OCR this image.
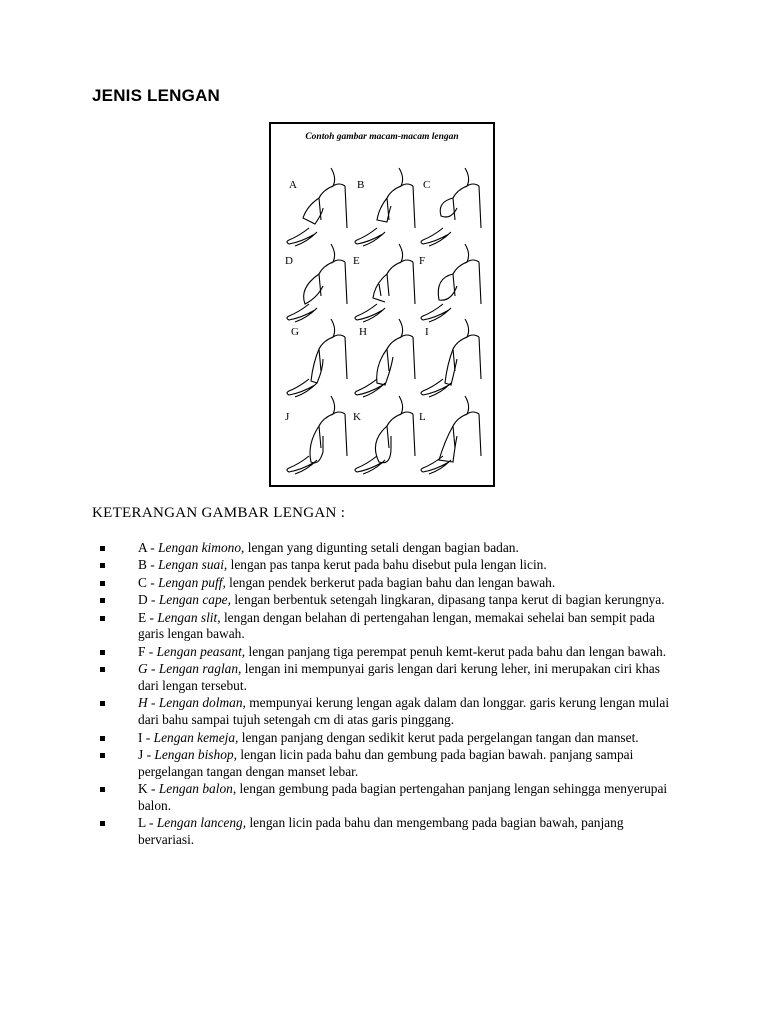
JENIS LENGAN
Contoh gambar macam-macam lengan
A	B	C
D	E	F
G	H	I
J	K	L
KETERANGAN GAMBAR LENGAN :
A - Lengan kimono, lengan yang digunting setali dengan bagian badan.
B - Lengan suai, lengan pas tanpa kerut pada bahu disebut pula lengan licin.
C - Lengan puff, lengan pendek berkerut pada bagian bahu dan lengan bawah.
D - Lengan cape, lengan berbentuk setengah lingkaran, dipasang tanpa kerut di bagian kerungnya.
E - Lengan slit, lengan dengan belahan di pertengahan lengan, memakai sehelai ban sempit pada garis lengan bawah.
F - Lengan peasant, lengan panjang tiga perempat penuh kemt-kerut pada bahu dan lengan bawah.
G - Lengan raglan, lengan ini mempunyai garis lengan dari kerung leher, ini merupakan ciri khas dari lengan tersebut.
H - Lengan dolman, mempunyai kerung lengan agak dalam dan longgar. garis kerung lengan mulai dari bahu sampai tujuh setengah cm di atas garis pinggang.
I - Lengan kemeja, lengan panjang dengan sedikit kerut pada pergelangan tangan dan manset.
J - Lengan bishop, lengan licin pada bahu dan gembung pada bagian bawah. panjang sampai pergelangan tangan dengan manset lebar.
K - Lengan balon, lengan gembung pada bagian pertengahan panjang lengan sehingga menyerupai balon.
L - Lengan lanceng, lengan licin pada bahu dan mengembang pada bagian bawah, panjang bervariasi.
